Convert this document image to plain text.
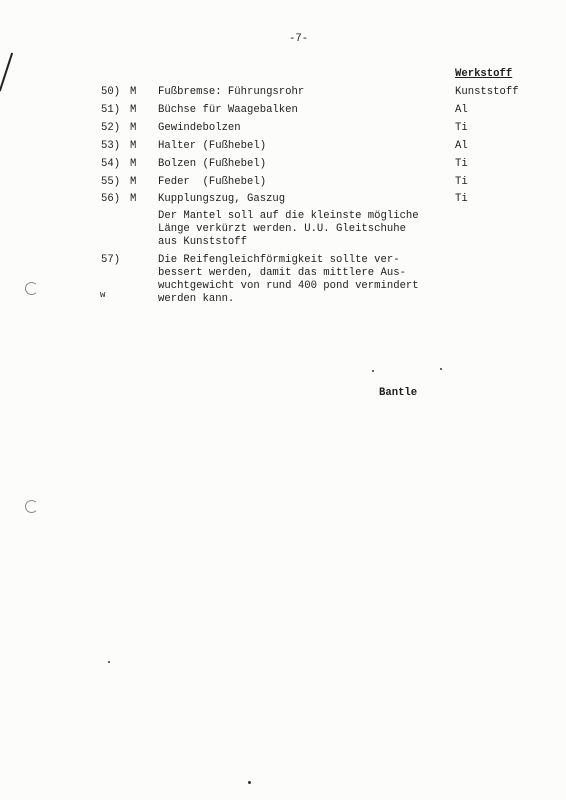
-7-
Werkstoff
50) M Fußbremse: Führungsrohr	Kunststoff
51) M Büchse für Waagebalken	Al
52) M Gewindebolzen	Ti
53) M Halter (Fußhebel)	Al
54) M Bolzen (Fußhebel)	Ti
55) M Feder  (Fußhebel)	Ti
56) M Kupplungszug, Gaszug	Ti
Der Mantel soll auf die kleinste mögliche
Länge verkürzt werden. U.U. Gleitschuhe
aus Kunststoff
57)	Die Reifengleichförmigkeit sollte ver-
bessert werden, damit das mittlere Aus-
wuchtgewicht von rund 400 pond vermindert
werden kann.
w
Bantle
